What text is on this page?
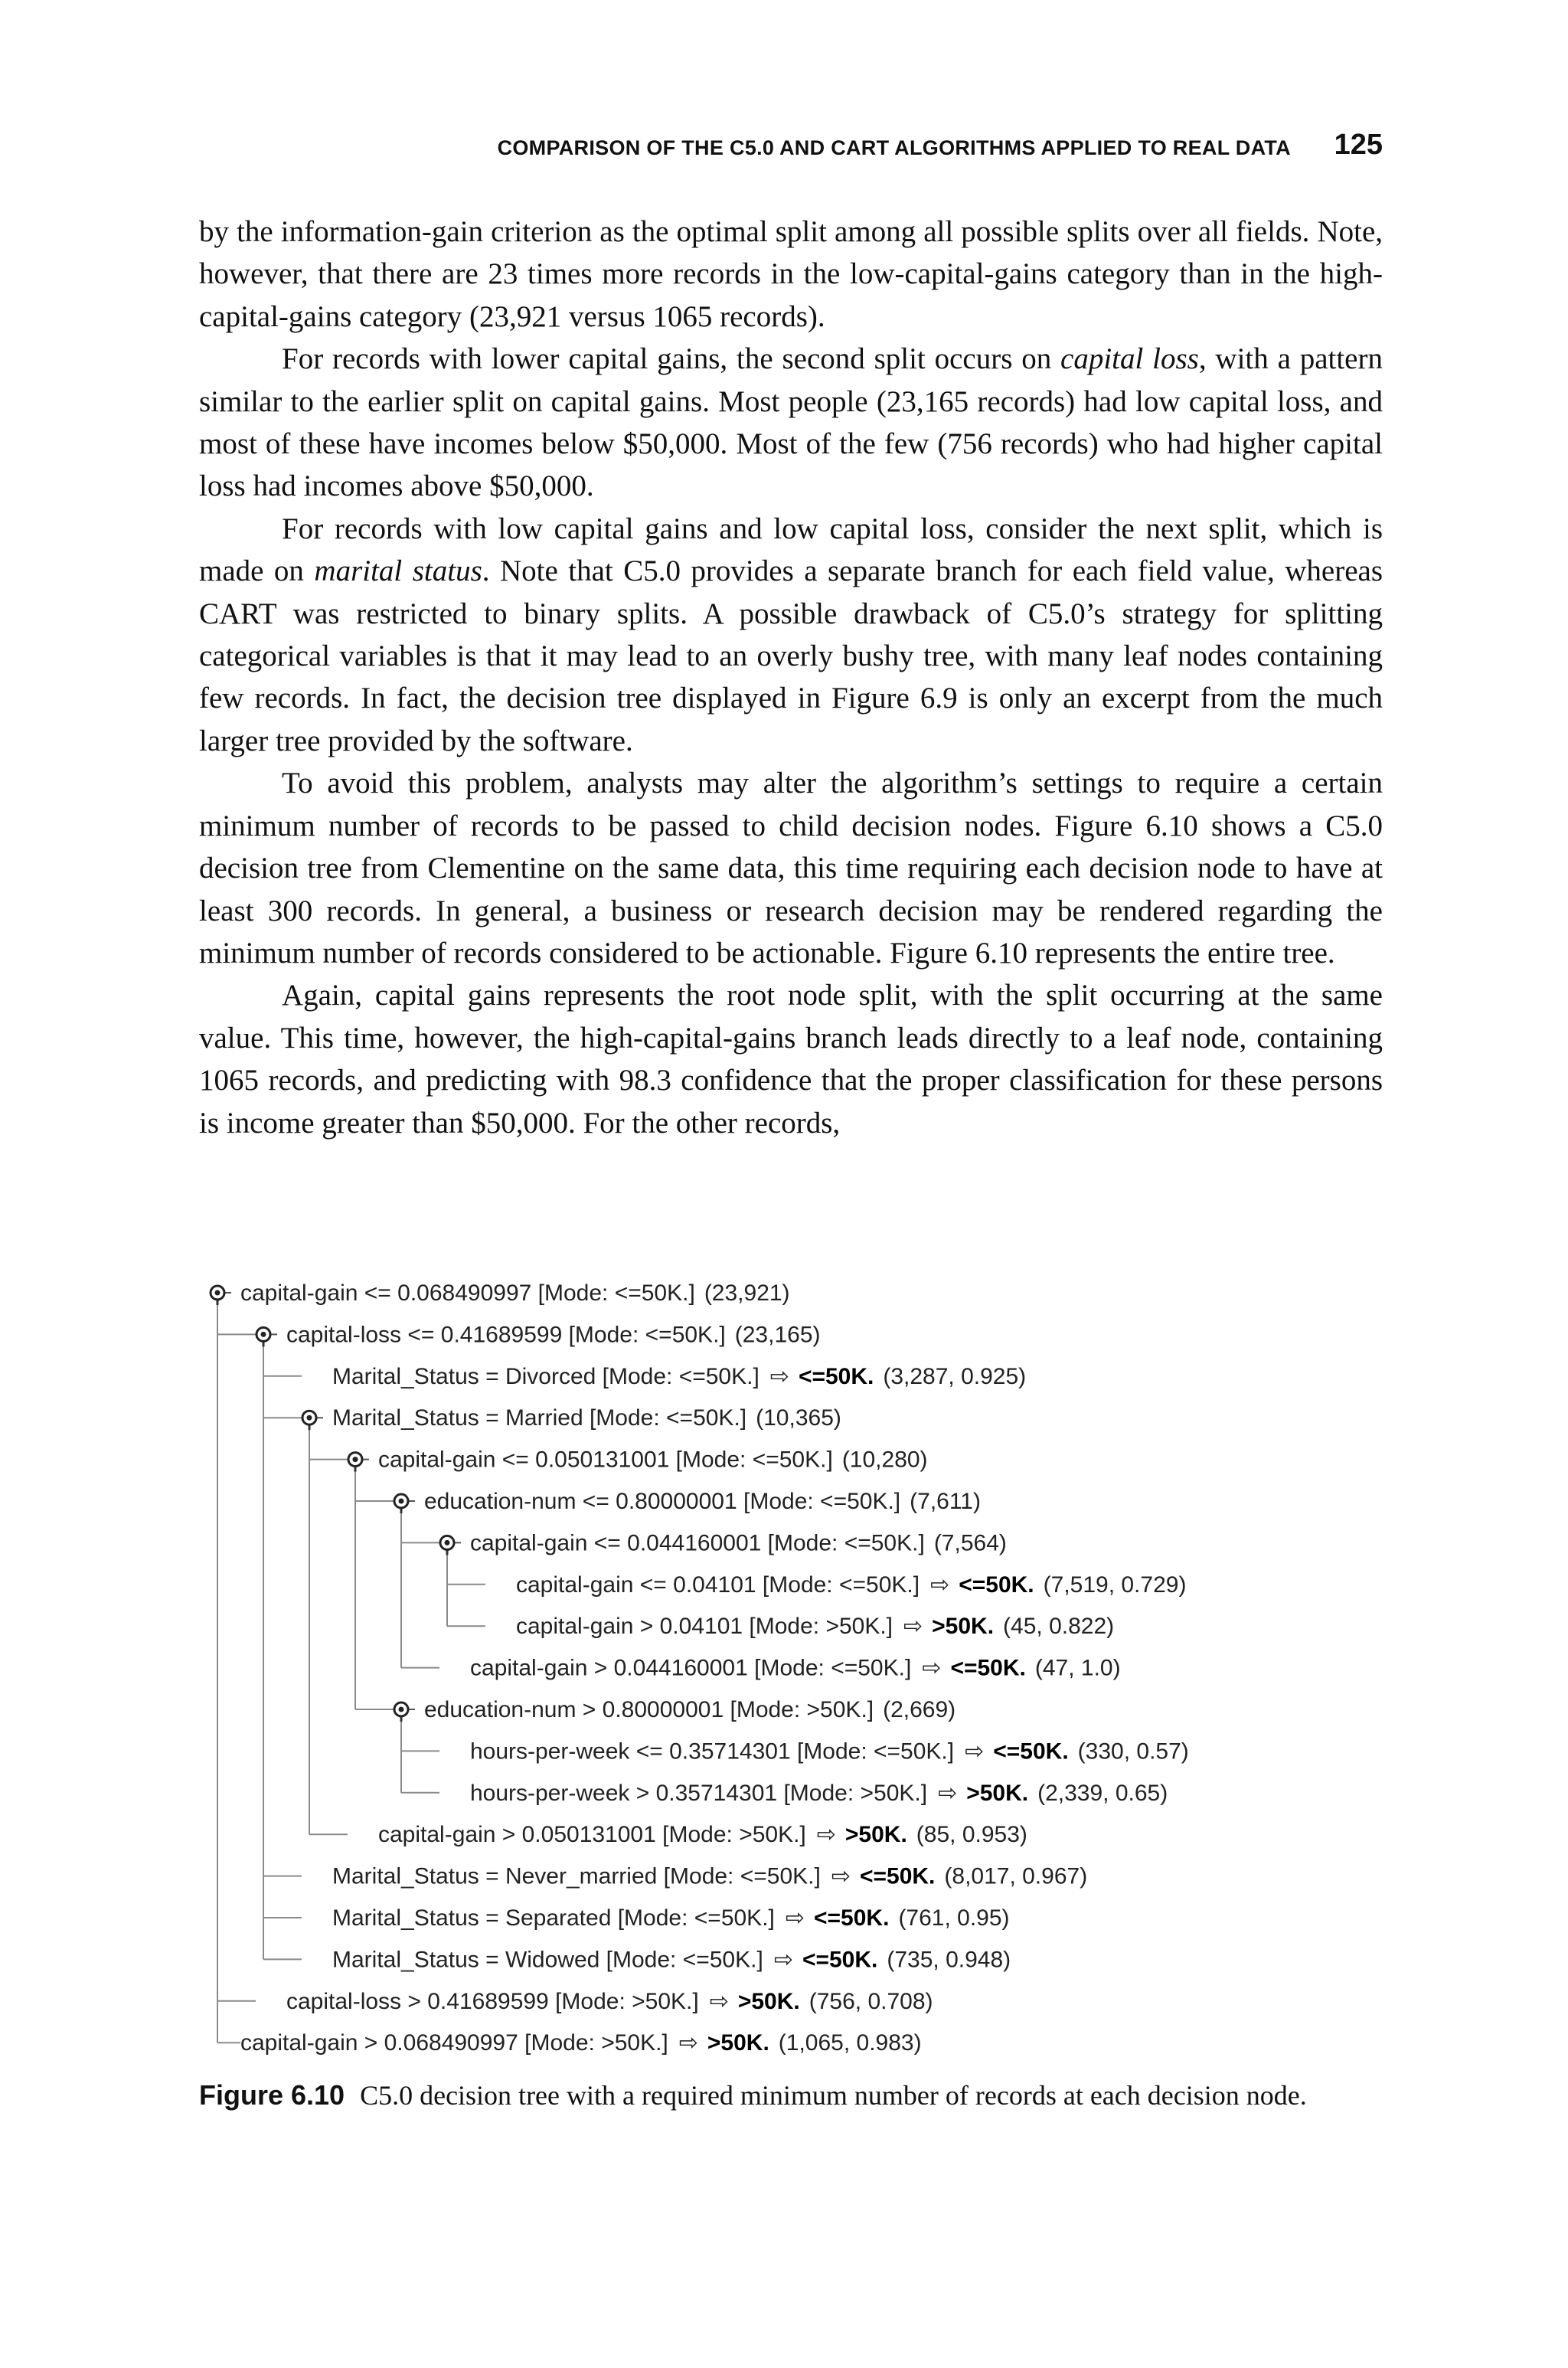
COMPARISON OF THE C5.0 AND CART ALGORITHMS APPLIED TO REAL DATA 125

by the information-gain criterion as the optimal split among all possible splits over all fields. Note, however, that there are 23 times more records in the low-capital-gains category than in the high-capital-gains category (23,921 versus 1065 records).

For records with lower capital gains, the second split occurs on capital loss, with a pattern similar to the earlier split on capital gains. Most people (23,165 records) had low capital loss, and most of these have incomes below $50,000. Most of the few (756 records) who had higher capital loss had incomes above $50,000.

For records with low capital gains and low capital loss, consider the next split, which is made on marital status. Note that C5.0 provides a separate branch for each field value, whereas CART was restricted to binary splits. A possible drawback of C5.0’s strategy for splitting categorical variables is that it may lead to an overly bushy tree, with many leaf nodes containing few records. In fact, the decision tree displayed in Figure 6.9 is only an excerpt from the much larger tree provided by the software.

To avoid this problem, analysts may alter the algorithm’s settings to require a certain minimum number of records to be passed to child decision nodes. Figure 6.10 shows a C5.0 decision tree from Clementine on the same data, this time requiring each decision node to have at least 300 records. In general, a business or research decision may be rendered regarding the minimum number of records considered to be actionable. Figure 6.10 represents the entire tree.

Again, capital gains represents the root node split, with the split occurring at the same value. This time, however, the high-capital-gains branch leads directly to a leaf node, containing 1065 records, and predicting with 98.3 confidence that the proper classification for these persons is income greater than $50,000. For the other records,

capital-gain <= 0.068490997 [Mode: <=50K.] (23,921)
capital-loss <= 0.41689599 [Mode: <=50K.] (23,165)
Marital_Status = Divorced [Mode: <=50K.] ⇨ <=50K. (3,287, 0.925)
Marital_Status = Married [Mode: <=50K.] (10,365)
capital-gain <= 0.050131001 [Mode: <=50K.] (10,280)
education-num <= 0.80000001 [Mode: <=50K.] (7,611)
capital-gain <= 0.044160001 [Mode: <=50K.] (7,564)
capital-gain <= 0.04101 [Mode: <=50K.] ⇨ <=50K. (7,519, 0.729)
capital-gain > 0.04101 [Mode: >50K.] ⇨ >50K. (45, 0.822)
capital-gain > 0.044160001 [Mode: <=50K.] ⇨ <=50K. (47, 1.0)
education-num > 0.80000001 [Mode: >50K.] (2,669)
hours-per-week <= 0.35714301 [Mode: <=50K.] ⇨ <=50K. (330, 0.57)
hours-per-week > 0.35714301 [Mode: >50K.] ⇨ >50K. (2,339, 0.65)
capital-gain > 0.050131001 [Mode: >50K.] ⇨ >50K. (85, 0.953)
Marital_Status = Never_married [Mode: <=50K.] ⇨ <=50K. (8,017, 0.967)
Marital_Status = Separated [Mode: <=50K.] ⇨ <=50K. (761, 0.95)
Marital_Status = Widowed [Mode: <=50K.] ⇨ <=50K. (735, 0.948)
capital-loss > 0.41689599 [Mode: >50K.] ⇨ >50K. (756, 0.708)
capital-gain > 0.068490997 [Mode: >50K.] ⇨ >50K. (1,065, 0.983)
Figure 6.10 C5.0 decision tree with a required minimum number of records at each decision node.
